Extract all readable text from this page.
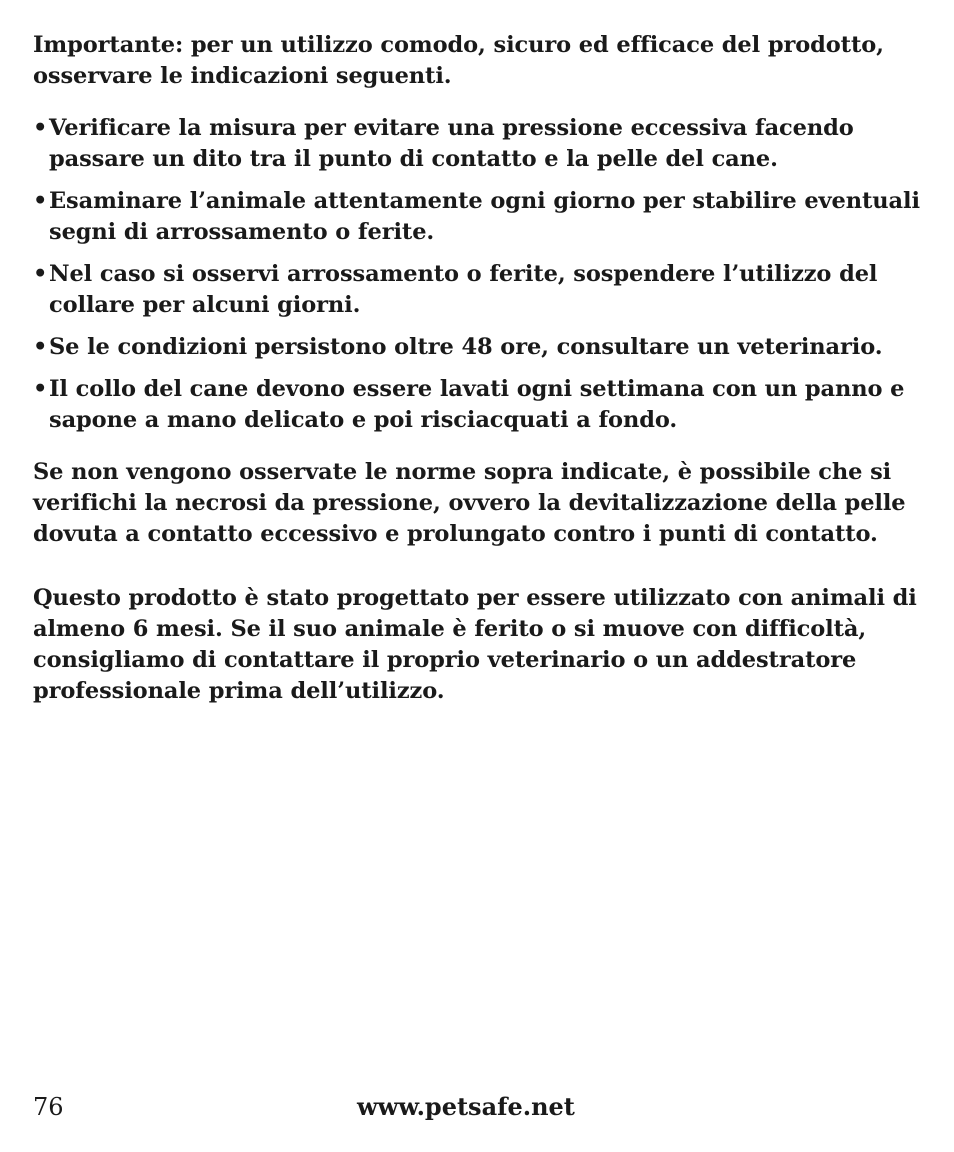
Importante: per un utilizzo comodo, sicuro ed efficace del prodotto, osservare le indicazioni seguenti.

• Verificare la misura per evitare una pressione eccessiva facendo passare un dito tra il punto di contatto e la pelle del cane.
• Esaminare l’animale attentamente ogni giorno per stabilire eventuali segni di arrossamento o ferite.
• Nel caso si osservi arrossamento o ferite, sospendere l’utilizzo del collare per alcuni giorni.
• Se le condizioni persistono oltre 48 ore, consultare un veterinario.
• Il collo del cane devono essere lavati ogni settimana con un panno e sapone a mano delicato e poi risciacquati a fondo.

Se non vengono osservate le norme sopra indicate, è possibile che si verifichi la necrosi da pressione, ovvero la devitalizzazione della pelle dovuta a contatto eccessivo e prolungato contro i punti di contatto.

Questo prodotto è stato progettato per essere utilizzato con animali di almeno 6 mesi. Se il suo animale è ferito o si muove con difficoltà, consigliamo di contattare il proprio veterinario o un addestratore professionale prima dell’utilizzo.

76	www.petsafe.net
